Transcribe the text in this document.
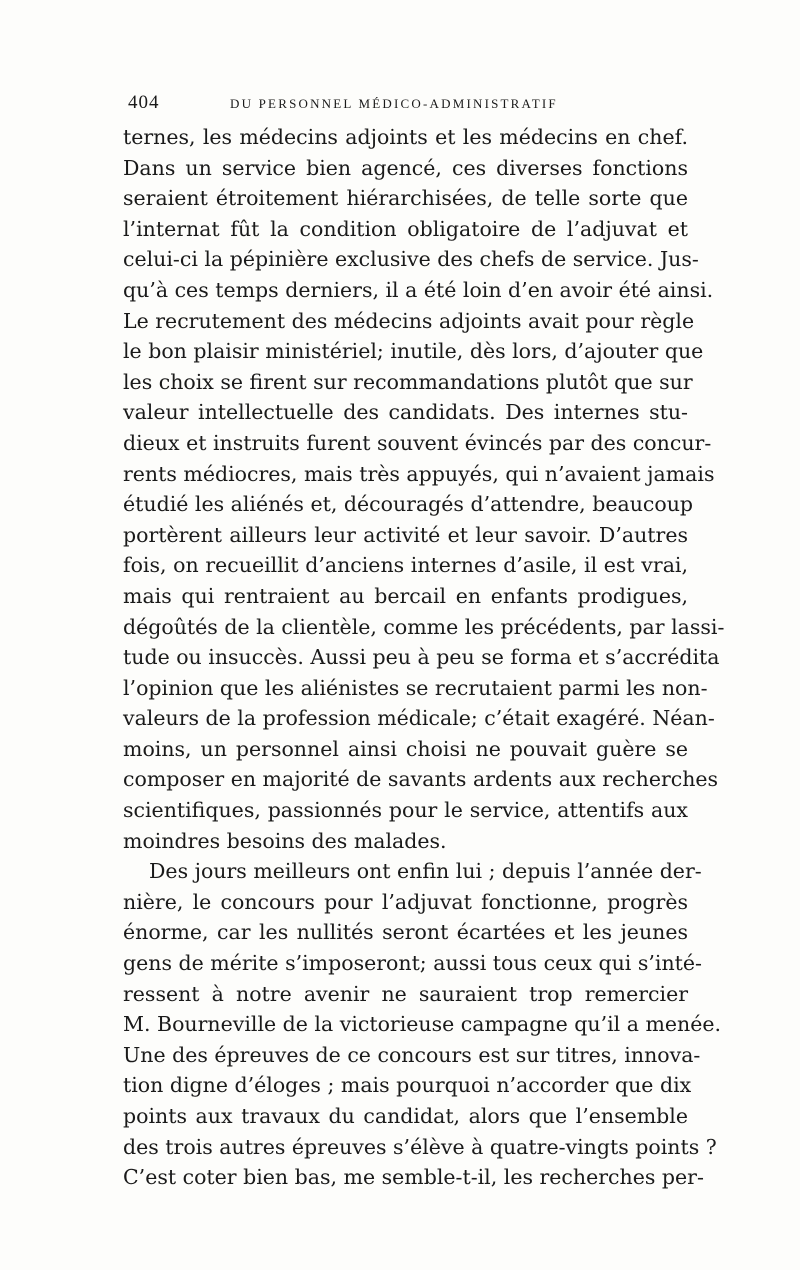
404	DU PERSONNEL MÉDICO-ADMINISTRATIF
ternes, les médecins adjoints et les médecins en chef.
Dans un service bien agencé, ces diverses fonctions
seraient étroitement hiérarchisées, de telle sorte que
l’internat fût la condition obligatoire de l’adjuvat et
celui-ci la pépinière exclusive des chefs de service. Jus-
qu’à ces temps derniers, il a été loin d’en avoir été ainsi.
Le recrutement des médecins adjoints avait pour règle
le bon plaisir ministériel; inutile, dès lors, d’ajouter que
les choix se firent sur recommandations plutôt que sur
valeur intellectuelle des candidats. Des internes stu-
dieux et instruits furent souvent évincés par des concur-
rents médiocres, mais très appuyés, qui n’avaient jamais
étudié les aliénés et, découragés d’attendre, beaucoup
portèrent ailleurs leur activité et leur savoir. D’autres
fois, on recueillit d’anciens internes d’asile, il est vrai,
mais qui rentraient au bercail en enfants prodigues,
dégoûtés de la clientèle, comme les précédents, par lassi-
tude ou insuccès. Aussi peu à peu se forma et s’accrédita
l’opinion que les aliénistes se recrutaient parmi les non-
valeurs de la profession médicale; c’était exagéré. Néan-
moins, un personnel ainsi choisi ne pouvait guère se
composer en majorité de savants ardents aux recherches
scientifiques, passionnés pour le service, attentifs aux
moindres besoins des malades.
Des jours meilleurs ont enfin lui ; depuis l’année der-
nière, le concours pour l’adjuvat fonctionne, progrès
énorme, car les nullités seront écartées et les jeunes
gens de mérite s’imposeront; aussi tous ceux qui s’inté-
ressent à notre avenir ne sauraient trop remercier
M. Bourneville de la victorieuse campagne qu’il a menée.
Une des épreuves de ce concours est sur titres, innova-
tion digne d’éloges ; mais pourquoi n’accorder que dix
points aux travaux du candidat, alors que l’ensemble
des trois autres épreuves s’élève à quatre-vingts points ?
C’est coter bien bas, me semble-t-il, les recherches per-
